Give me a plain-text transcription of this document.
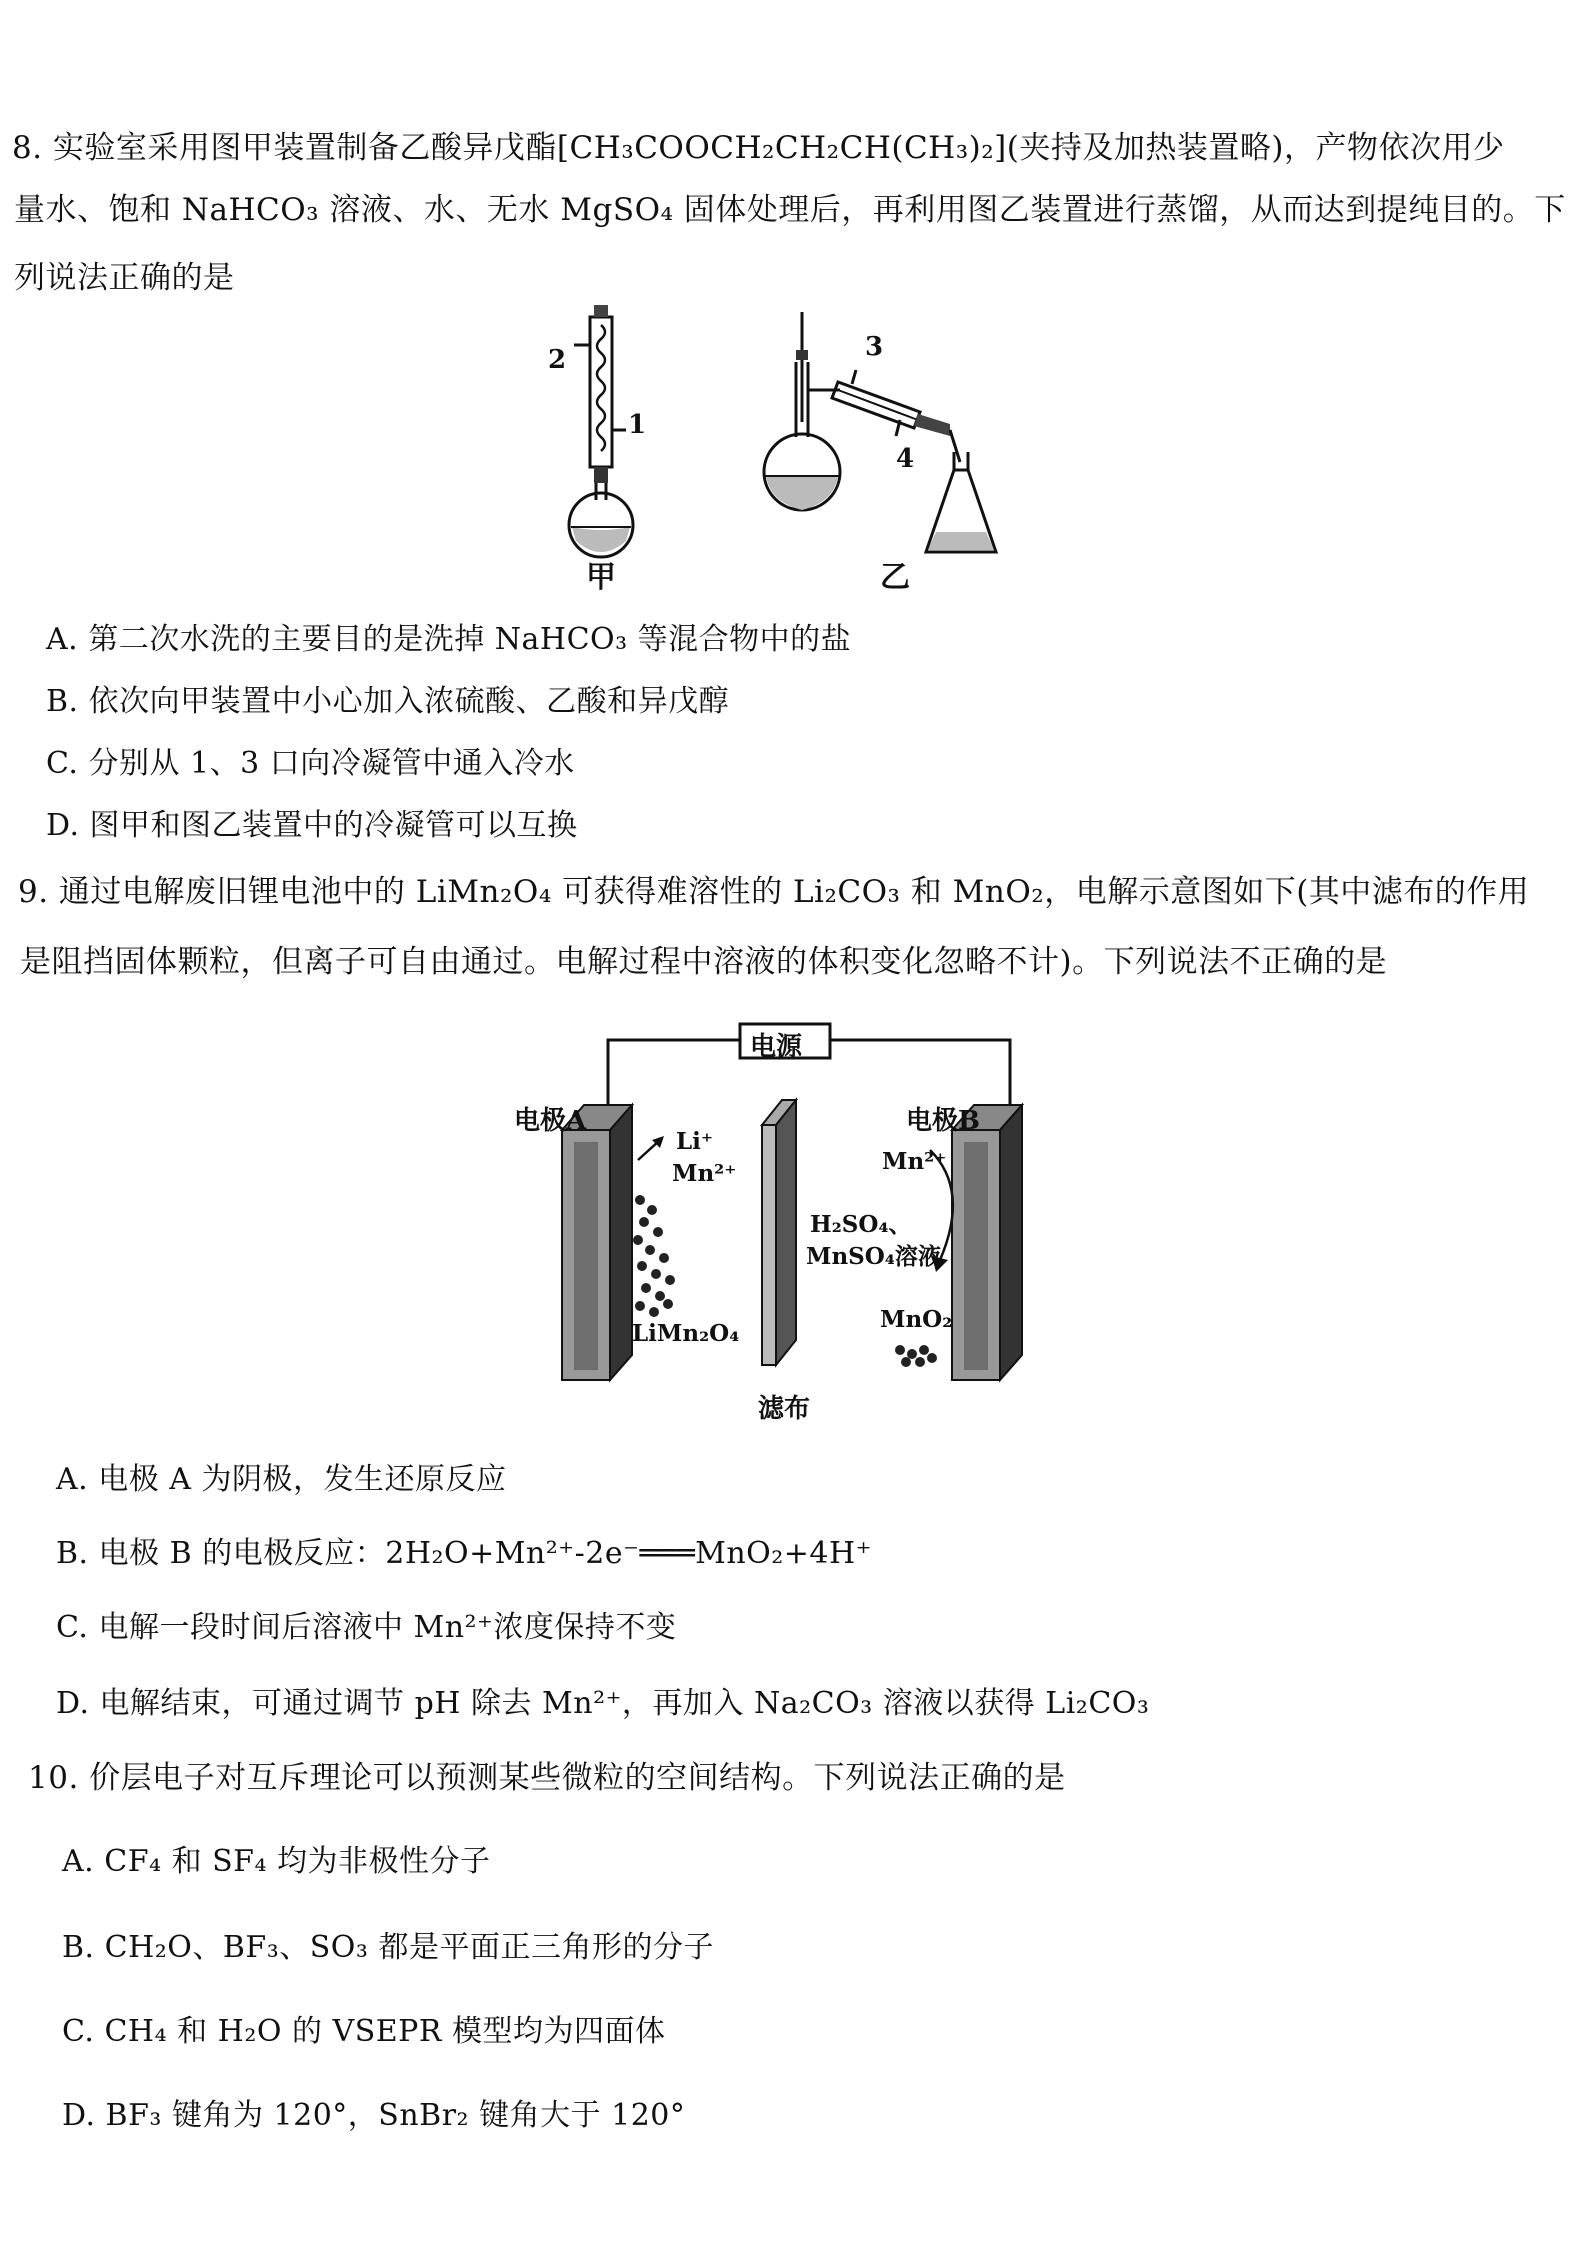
8. 实验室采用图甲装置制备乙酸异戊酯[CH₃COOCH₂CH₂CH(CH₃)₂](夹持及加热装置略)，产物依次用少
量水、饱和 NaHCO₃ 溶液、水、无水 MgSO₄ 固体处理后，再利用图乙装置进行蒸馏，从而达到提纯目的。下
列说法正确的是
2
1
甲
3
4
乙
A. 第二次水洗的主要目的是洗掉 NaHCO₃ 等混合物中的盐
B. 依次向甲装置中小心加入浓硫酸、乙酸和异戊醇
C. 分别从 1、3 口向冷凝管中通入冷水
D. 图甲和图乙装置中的冷凝管可以互换
9. 通过电解废旧锂电池中的 LiMn₂O₄ 可获得难溶性的 Li₂CO₃ 和 MnO₂，电解示意图如下(其中滤布的作用
是阻挡固体颗粒，但离子可自由通过。电解过程中溶液的体积变化忽略不计)。下列说法不正确的是
电源
电极A	电极B
Li⁺
Mn²⁺	Mn²⁺
H₂SO₄、
MnSO₄溶液
LiMn₂O₄
MnO₂
滤布
A. 电极 A 为阴极，发生还原反应
B. 电极 B 的电极反应：2H₂O+Mn²⁺-2e⁻═══MnO₂+4H⁺
C. 电解一段时间后溶液中 Mn²⁺浓度保持不变
D. 电解结束，可通过调节 pH 除去 Mn²⁺，再加入 Na₂CO₃ 溶液以获得 Li₂CO₃
10. 价层电子对互斥理论可以预测某些微粒的空间结构。下列说法正确的是
A. CF₄ 和 SF₄ 均为非极性分子
B. CH₂O、BF₃、SO₃ 都是平面正三角形的分子
C. CH₄ 和 H₂O 的 VSEPR 模型均为四面体
D. BF₃ 键角为 120°，SnBr₂ 键角大于 120°
